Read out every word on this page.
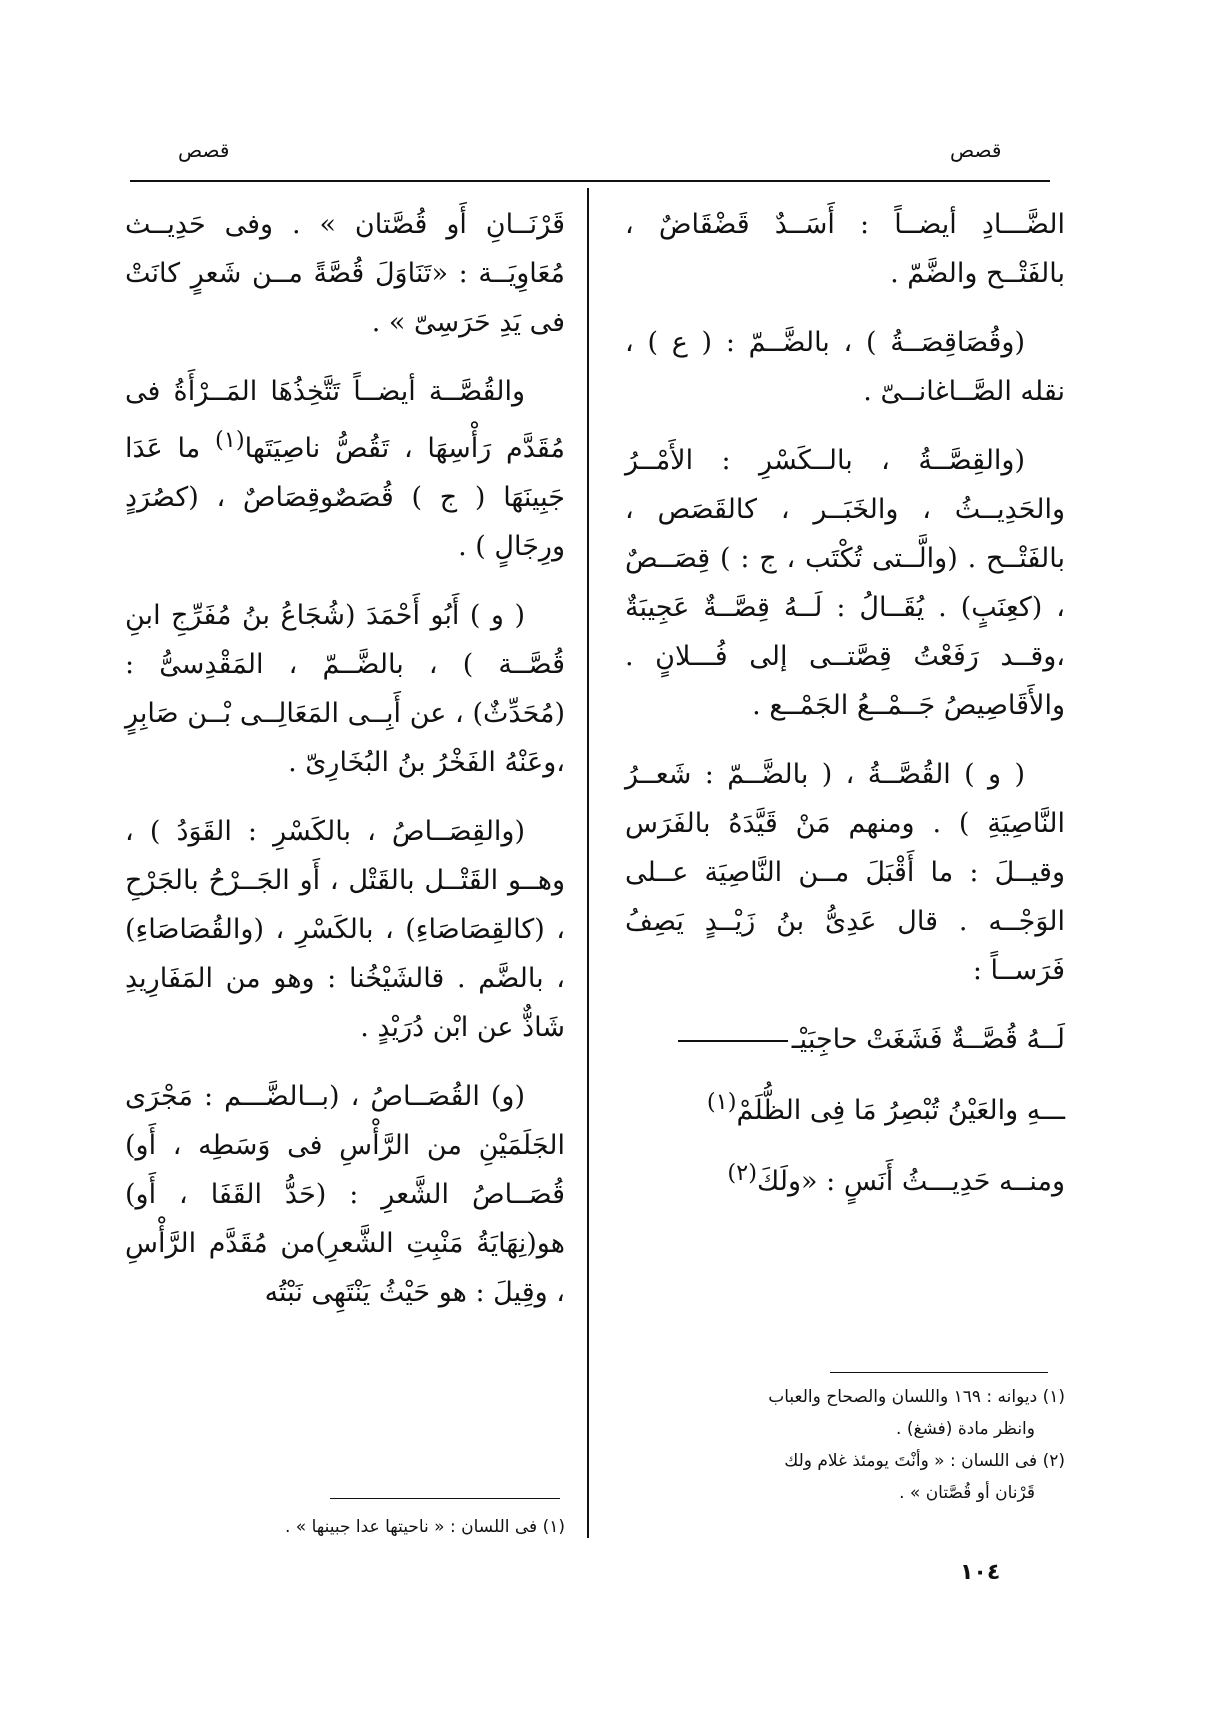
قصص
قصص

الضَّـــادِ أيضــاً : أَسَــدٌ قَضْقَاضٌ ، بالفَتْــح والضَّمّ .

(وقُصَاقِصَــةُ ) ، بالضَّــمّ : ( ع ) ، نقله الصَّــاغانــىّ .

(والقِصَّــةُ ، بالــكَسْرِ : الأَمْــرُ والحَدِيــثُ ، والخَبَــر ، كالقَصَص ، بالفَتْــح . (والَّــتى تُكْتَب ، ج : ) قِصَــصٌ ، (كعِنَبٍ) . يُقَــالُ : لَــهُ قِصَّــةٌ عَجِيبَةٌ ،وقــد رَفَعْتُ قِصَّتــى إلى فُـــلانٍ . والأَقَاصِيصُ جَــمْــعُ الجَمْــع .

( و ) القُصَّــةُ ، ( بالضَّــمّ : شَعــرُ النَّاصِيَةِ ) . ومنهم مَنْ قَيَّدَهُ بالفَرَس وقيــلَ : ما أَقْبَلَ مــن النَّاصِيَة عــلى الوَجْــه . قال عَدِىُّ بنُ زَيْــدٍ يَصِفُ فَرَســاً :

لَــهُ قُصَّــةٌ فَشَغَتْ حاجِبَيْـ
ـــهِ والعَيْنُ تُبْصِرُ مَا فِى الظُّلَمْ$^{(١)}$
ومنــه حَدِيـــثُ أَنَسٍ : «ولَكَ$^{(٢)}$

قَرْنَــانِ أَو قُصَّتان » . وفى حَدِيــث مُعَاوِيَــة : «تَنَاوَلَ قُصَّةً مــن شَعرٍ كانَتْ فى يَدِ حَرَسِىّ » .

والقُصَّــة أيضــاً تَتَّخِذُهَا المَــرْأَةُ فى مُقَدَّم رَأْسِهَا ، تَقُصُّ ناصِيَتَها$^{(١)}$ ما عَدَا جَبِينَهَا ( ج ) قُصَصٌوقِصَاصٌ ، (كصُرَدٍ ورِجَالٍ ) .

( و ) أَبُو أَحْمَدَ (شُجَاعُ بنُ مُفَرِّجِ ابنِ قُصَّــة ) ، بالضَّــمّ ، المَقْدِسىُّ : (مُحَدِّثٌ) ، عن أَبِــى المَعَالِــى بْــن صَابِرٍ ،وعَنْهُ الفَخْرُ بنُ البُخَارِىّ .

(والقِصَــاصُ ، بالكَسْرِ : القَوَدُ ) ، وهــو القَتْــل بالقَتْل ، أَو الجَــرْحُ بالجَرْحِ ، (كالقِصَاصَاءِ) ، بالكَسْرِ ، (والقُصَاصَاءِ) ، بالضَّم . قالشَيْخُنا : وهو من المَفَارِيدِ شَاذٌّ عن ابْن دُرَيْدٍ .

(و) القُصَــاصُ ، (بــالضَّـــم : مَجْرَى الجَلَمَيْنِ من الرَّأْسِ فى وَسَطِه ، أَو) قُصَــاصُ الشَّعرِ : (حَدُّ القَفَا ، أَو) هو(نِهَايَةُ مَنْبِتِ الشَّعرِ)من مُقَدَّم الرَّأْسِ ، وقِيلَ : هو حَيْثُ يَنْتَهِى نَبْتُه

(١) ديوانه : ١٦٩ واللسان والصحاح والعباب
وانظر مادة (فشغ) .
(٢) فى اللسان : « وأنْتَ يومئذ غلام ولك
قَرْنان أو قُصَّتان » .
(١) فى اللسان : « ناحيتها عدا جبينها » .
١٠٤
